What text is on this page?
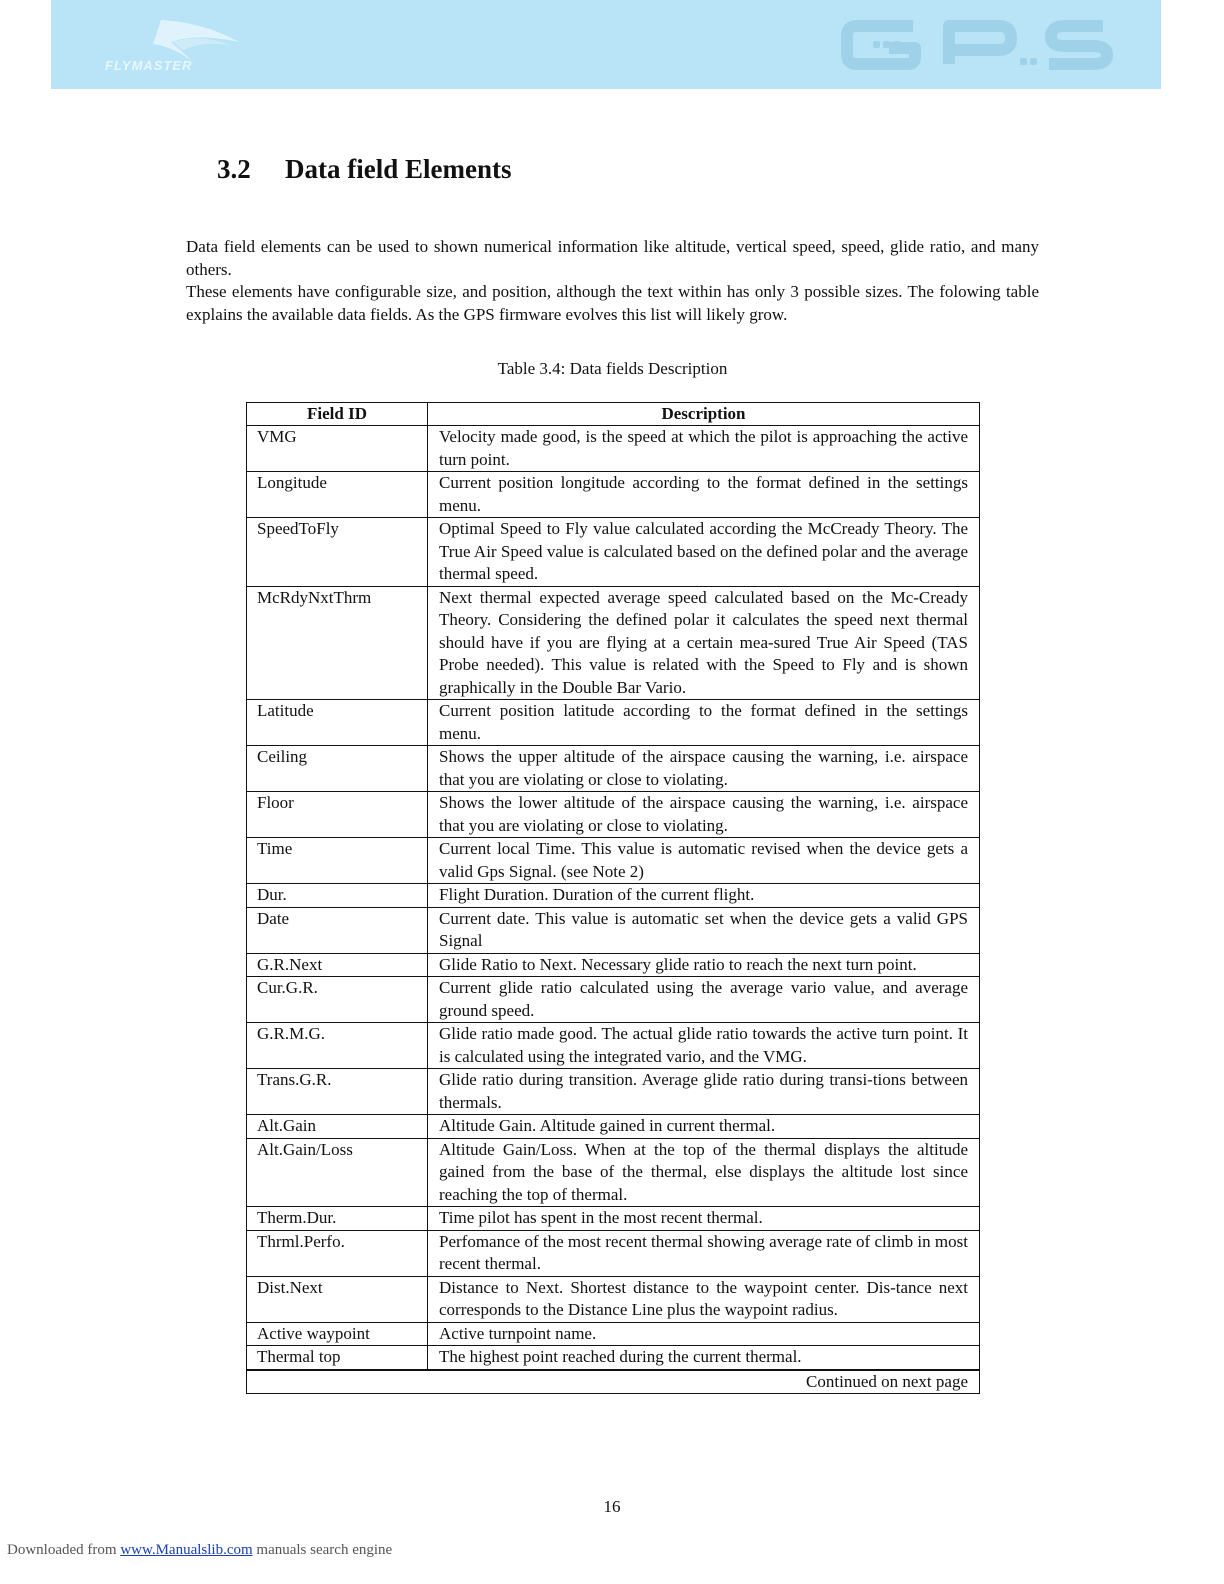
FLYMASTER
3.2 Data field Elements

Data field elements can be used to shown numerical information like altitude, vertical speed, speed, glide ratio, and many others.

These elements have configurable size, and position, although the text within has only 3 possible sizes. The folowing table explains the available data fields. As the GPS firmware evolves this list will likely grow.

Table 3.4: Data fields Description
Field ID	Description
VMG	Velocity made good, is the speed at which the pilot is approaching the active turn point.
Longitude	Current position longitude according to the format defined in the settings menu.
SpeedToFly	Optimal Speed to Fly value calculated according the McCready Theory. The True Air Speed value is calculated based on the defined polar and the average thermal speed.
McRdyNxtThrm	Next thermal expected average speed calculated based on the Mc-Cready Theory. Considering the defined polar it calculates the speed next thermal should have if you are flying at a certain mea-sured True Air Speed (TAS Probe needed). This value is related with the Speed to Fly and is shown graphically in the Double Bar Vario.
Latitude	Current position latitude according to the format defined in the settings menu.
Ceiling	Shows the upper altitude of the airspace causing the warning, i.e. airspace that you are violating or close to violating.
Floor	Shows the lower altitude of the airspace causing the warning, i.e. airspace that you are violating or close to violating.
Time	Current local Time. This value is automatic revised when the device gets a valid Gps Signal. (see Note 2)
Dur.	Flight Duration. Duration of the current flight.
Date	Current date. This value is automatic set when the device gets a valid GPS Signal
G.R.Next	Glide Ratio to Next. Necessary glide ratio to reach the next turn point.
Cur.G.R.	Current glide ratio calculated using the average vario value, and average ground speed.
G.R.M.G.	Glide ratio made good. The actual glide ratio towards the active turn point. It is calculated using the integrated vario, and the VMG.
Trans.G.R.	Glide ratio during transition. Average glide ratio during transi-tions between thermals.
Alt.Gain	Altitude Gain. Altitude gained in current thermal.
Alt.Gain/Loss	Altitude Gain/Loss. When at the top of the thermal displays the altitude gained from the base of the thermal, else displays the altitude lost since reaching the top of thermal.
Therm.Dur.	Time pilot has spent in the most recent thermal.
Thrml.Perfo.	Perfomance of the most recent thermal showing average rate of climb in most recent thermal.
Dist.Next	Distance to Next. Shortest distance to the waypoint center. Dis-tance next corresponds to the Distance Line plus the waypoint radius.
Active waypoint	Active turnpoint name.
Thermal top	The highest point reached during the current thermal.
Continued on next page	
16
Downloaded from www.Manualslib.com manuals search engine
